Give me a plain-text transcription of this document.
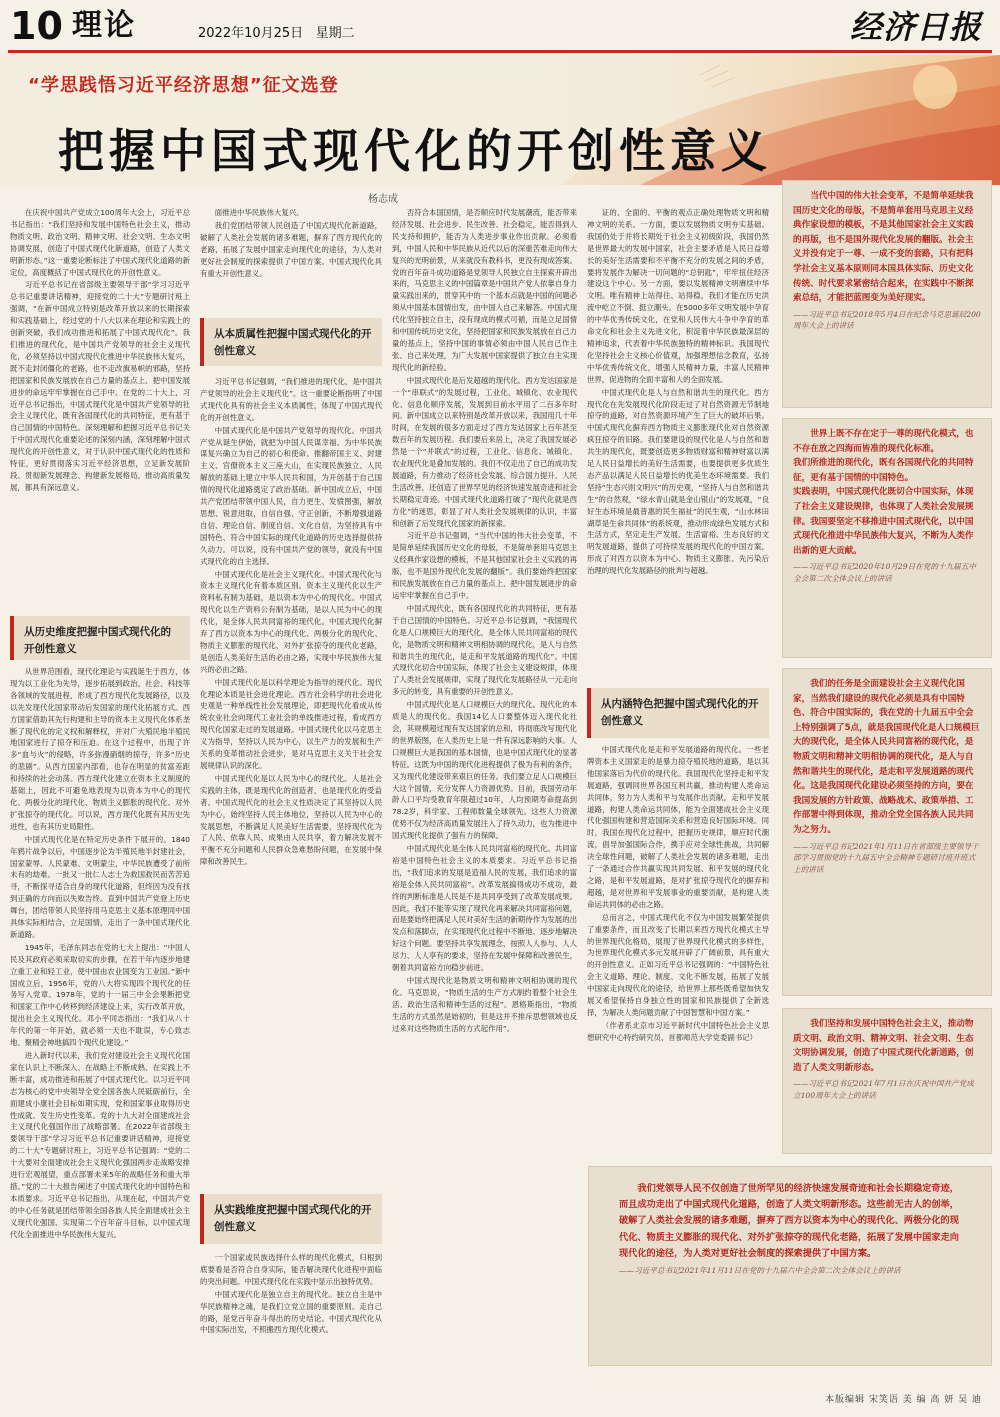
10 理论	2022年10月25日 星期二	经济日报
“学思践悟习近平经济思想”征文选登
把握中国式现代化的开创性意义
杨志成

在庆祝中国共产党成立100周年大会上，习近平总书记指出：“我们坚持和发展中国特色社会主义，推动物质文明、政治文明、精神文明、社会文明、生态文明协调发展，创造了中国式现代化新道路，创造了人类文明新形态。”这一重要论断标注了中国式现代化道路的新定位，高度概括了中国式现代化的开创性意义。

习近平总书记在省部级主要领导干部“学习习近平总书记重要讲话精神，迎接党的二十大”专题研讨班上强调，“在新中国成立特别是改革开放以来的长期探索和实践基础上，经过党的十八大以来在理论和实践上的创新突破，我们成功推进和拓展了中国式现代化”。我们推进的现代化，是中国共产党领导的社会主义现代化，必须坚持以中国式现代化推进中华民族伟大复兴，既不走封闭僵化的老路，也不走改旗易帜的邪路，坚持把国家和民族发展放在自己力量的基点上、把中国发展进步的命运牢牢掌握在自己手中。在党的二十大上，习近平总书记指出，中国式现代化是中国共产党领导的社会主义现代化，既有各国现代化的共同特征，更有基于自己国情的中国特色。深刻理解和把握习近平总书记关于中国式现代化重要论述的深刻内涵，深刻理解中国式现代化的开创性意义，对于认识中国式现代化的性质和特征，更好贯彻落实习近平经济思想，立足新发展阶段、贯彻新发展理念、构建新发展格局、推动高质量发展，都具有深远意义。

从历史维度把握中国式现代化的开创性意义

从世界范围看，现代化理论与实践诞生于西方，体现为以工业化为先导，逐步拓展到政治、社会、科技等各领域的发展进程，形成了西方现代化发展路径，以及以先发现代化国家带动后发国家的现代化拓展方式。西方国家借助其先行构建和主导的资本主义现代化体系垄断了现代化的定义权和解释权，并对广大殖民地半殖民地国家进行了掠夺和压迫。在这个过程中，出现了许多“血与火”的侵略，许多弥漫硝烟的掠夺，许多“历史的悲剧”。从西方国家内部看，也存在明显的贫富差距和持续的社会动荡。西方现代化建立在资本主义制度的基础上，因此不可避免地表现为以资本为中心的现代化、两极分化的现代化、物质主义膨胀的现代化、对外扩张掠夺的现代化。可以说，西方现代化既有其历史先进性，也有其历史局限性。

中国式现代化是在特定历史条件下展开的。1840年鸦片战争以后，中国逐步沦为半殖民地半封建社会，国家蒙辱、人民蒙难、文明蒙尘，中华民族遭受了前所未有的劫难。一批又一批仁人志士为救国救民而苦苦追寻，不断探寻适合自身的现代化道路，但终因为没有找到正确的方向而以失败告终。直到中国共产党登上历史舞台，团结带领人民坚持用马克思主义基本原理同中国具体实际相结合，立足国情，走出了一条中国式现代化新道路。

1945年，毛泽东同志在党的七大上提出：“中国人民及其政府必须采取切实的步骤，在若干年内逐步地建立重工业和轻工业，使中国由农业国变为工业国。”新中国成立后，1956年，党的八大将实现四个现代化的任务写入党章。1978年，党的十一届三中全会果断把党和国家工作中心转移到经济建设上来，实行改革开放，提出社会主义现代化。邓小平同志指出：“我们从八十年代的第一年开始，就必须一天也不耽误，专心致志地、聚精会神地搞四个现代化建设。”

进入新时代以来，我们党对建设社会主义现代化国家在认识上不断深入、在战略上不断成熟、在实践上不断丰富，成功推进和拓展了中国式现代化。以习近平同志为核心的党中央领导全党全国各族人民砥砺前行，全面建成小康社会目标如期实现，党和国家事业取得历史性成就、发生历史性变革。党的十九大对全面建成社会主义现代化强国作出了战略部署。在2022年省部级主要领导干部“学习习近平总书记重要讲话精神，迎接党的二十大”专题研讨班上，习近平总书记强调：“党的二十大要对全面建成社会主义现代化强国两步走战略安排进行宏观展望，重点部署未来5年的战略任务和重大举措。”党的二十大报告阐述了中国式现代化的中国特色和本质要求。习近平总书记指出，从现在起，中国共产党的中心任务就是团结带领全国各族人民全面建成社会主义现代化强国、实现第二个百年奋斗目标，以中国式现代化全面推进中华民族伟大复兴。

面推进中华民族伟大复兴。

我们党团结带领人民创造了中国式现代化新道路，破解了人类社会发展的诸多难题，摒弃了西方现代化的老路，拓展了发展中国家走向现代化的途径，为人类对更好社会制度的探索提供了中国方案。中国式现代化具有重大开创性意义。

从本质属性把握中国式现代化的开创性意义

习近平总书记强调，“我们推进的现代化，是中国共产党领导的社会主义现代化”。这一重要论断指明了中国式现代化具有的社会主义本质属性，体现了中国式现代化的开创性意义。

中国式现代化是中国共产党领导的现代化。中国共产党从诞生伊始，就把为中国人民谋幸福、为中华民族谋复兴确立为自己的初心和使命。推翻帝国主义、封建主义、官僚资本主义三座大山，在实现民族独立、人民解放的基础上建立中华人民共和国，为开创基于自己国情的现代化道路奠定了政治基础。新中国成立后，中国共产党团结带领中国人民，自力更生、发愤图强，解放思想、锐意进取，自信自强、守正创新，不断增强道路自信、理论自信、制度自信、文化自信，为坚持具有中国特色、符合中国实际的现代化道路的历史选择提供持久动力。可以说，没有中国共产党的领导，就没有中国式现代化的自主选择。

中国式现代化是社会主义现代化。中国式现代化与资本主义现代化有着本质区别。资本主义现代化以生产资料私有制为基础，是以资本为中心的现代化。中国式现代化以生产资料公有制为基础，是以人民为中心的现代化，是全体人民共同富裕的现代化。中国式现代化摒弃了西方以资本为中心的现代化、两极分化的现代化、物质主义膨胀的现代化、对外扩张掠夺的现代化老路，是创造人类美好生活的必由之路，实现中华民族伟大复兴的必由之路。

中国式现代化是以科学理论为指导的现代化。现代化理论本质是社会进化理论。西方社会科学的社会进化史观是一种单线性社会发展理论，即把现代化看成从传统农业社会向现代工业社会的单线推进过程，看成西方现代化国家走过的发展道路。中国式现代化以马克思主义为指导，坚持以人民为中心，以生产力的发展和生产关系的变革推动社会进步，是对马克思主义关于社会发展规律认识的深化。

中国式现代化是以人民为中心的现代化。人是社会实践的主体，既是现代化的创造者，也是现代化的受益者。中国式现代化的社会主义性质决定了其坚持以人民为中心，始终坚持人民主体地位，坚持以人民为中心的发展思想，不断满足人民美好生活需要，坚持现代化为了人民、依靠人民、成果由人民共享，着力解决发展不平衡不充分问题和人民群众急难愁盼问题，在发展中保障和改善民生。

从实践维度把握中国式现代化的开创性意义

一个国家或民族选择什么样的现代化模式，归根到底要看是否符合自身实际，能否解决现代化进程中面临的突出问题。中国式现代化在实践中显示出独特优势。

中国式现代化是独立自主的现代化。独立自主是中华民族精神之魂，是我们立党立国的重要原则。走自己的路，是党百年奋斗得出的历史结论。中国式现代化从中国实际出发，不照搬西方现代化模式。

否符合本国国情，是否顺应时代发展潮流，能否带来经济发展、社会进步、民生改善、社会稳定，能否得到人民支持和拥护，能否为人类进步事业作出贡献。必须看到，中国人民和中华民族从近代以后的深重苦难走向伟大复兴的光明前景，从来就没有教科书，更没有现成答案。党的百年奋斗成功道路是党领导人民独立自主探索开辟出来的，马克思主义的中国篇章是中国共产党人依靠自身力量实践出来的，贯穿其中的一个基本点就是中国的问题必须从中国基本国情出发，由中国人自己来解答。中国式现代化坚持独立自主，没有现成的模式可循，而是立足国情和中国传统历史文化，坚持把国家和民族发展放在自己力量的基点上，坚持中国的事情必须由中国人民自己作主张、自己来处理，为广大发展中国家提供了独立自主实现现代化的新经验。

中国式现代化是后发超越的现代化。西方发达国家是一个“串联式”的发展过程，工业化、城镇化、农业现代化、信息化顺序发展，发展到目前水平用了二百多年时间。新中国成立以来特别是改革开放以来，我国用几十年时间，在发展的很多方面走过了西方发达国家上百年甚至数百年的发展历程。我们要后来居上，决定了我国发展必然是一个“并联式”的过程，工业化、信息化、城镇化、农业现代化是叠加发展的。我们不仅走出了自己的成功发展道路，有力推动了经济社会发展、综合国力提升、人民生活改善，还创造了世界罕见的经济快速发展奇迹和社会长期稳定奇迹。中国式现代化道路打破了“现代化就是西方化”的迷思，彰显了对人类社会发展规律的认识，丰富和创新了后发现代化国家的新探索。

习近平总书记强调，“当代中国的伟大社会变革，不是简单延续我国历史文化的母版，不是简单套用马克思主义经典作家设想的模板，不是其他国家社会主义实践的再版，也不是国外现代化发展的翻版”。我们要始终把国家和民族发展放在自己力量的基点上、把中国发展进步的命运牢牢掌握在自己手中。

中国式现代化，既有各国现代化的共同特征，更有基于自己国情的中国特色。习近平总书记强调，“我国现代化是人口规模巨大的现代化，是全体人民共同富裕的现代化，是物质文明和精神文明相协调的现代化，是人与自然和谐共生的现代化，是走和平发展道路的现代化”。中国式现代化切合中国实际，体现了社会主义建设规律，体现了人类社会发展规律，实现了现代化发展路径从一元走向多元的转变，具有重要的开创性意义。

中国式现代化是人口规模巨大的现代化。现代化的本质是人的现代化。我国14亿人口要整体迈入现代化社会，其规模超过现有发达国家的总和，将彻底改写现代化的世界版图，在人类历史上是一件有深远影响的大事。人口规模巨大是我国的基本国情，也是中国式现代化的显著特征。这既为中国的现代化进程提供了极为有利的条件，又为现代化建设带来艰巨的任务。我们要立足人口规模巨大这个国情，充分发挥人力资源优势。目前，我国劳动年龄人口平均受教育年限超过10年，人均预期寿命提高到78.2岁，科学家、工程师数量全球领先。这些人力资源优势不仅为经济高质量发展注入了持久动力，也为推进中国式现代化提供了强有力的保障。

中国式现代化是全体人民共同富裕的现代化。共同富裕是中国特色社会主义的本质要求。习近平总书记指出，“我们追求的发展是造福人民的发展，我们追求的富裕是全体人民共同富裕”。改革发展搞得成功不成功，最终的判断标准是人民是不是共同享受到了改革发展成果。因此，我们不能等实现了现代化再来解决共同富裕问题，而是要始终把满足人民对美好生活的新期待作为发展的出发点和落脚点，在实现现代化过程中不断地、逐步地解决好这个问题。要坚持共享发展理念，按照人人参与、人人尽力、人人享有的要求，坚持在发展中保障和改善民生，朝着共同富裕方向稳步前进。

中国式现代化是物质文明和精神文明相协调的现代化。马克思说，“物质生活的生产方式制约着整个社会生活、政治生活和精神生活的过程”。恩格斯指出，“物质生活的方式虽然是始初的，但是这并不排斥思想领域也反过来对这些物质生活的方式起作用”。

证的、全面的、平衡的观点正确处理物质文明和精神文明的关系。一方面，要以发展物质文明夯实基础。我国仍处于并将长期处于社会主义初级阶段，我国仍然是世界最大的发展中国家，社会主要矛盾是人民日益增长的美好生活需要和不平衡不充分的发展之间的矛盾，要将发展作为解决一切问题的“总钥匙”，牢牢扭住经济建设这个中心。另一方面，要以发展精神文明赓续中华文明。唯有精神上站得住、站得稳，我们才能在历史洪流中屹立不倒、挺立潮头。在5000多年文明发展中孕育的中华优秀传统文化，在党和人民伟大斗争中孕育的革命文化和社会主义先进文化，积淀着中华民族最深层的精神追求，代表着中华民族独特的精神标识。我国现代化坚持社会主义核心价值观，加强理想信念教育，弘扬中华优秀传统文化，增强人民精神力量，丰富人民精神世界，促进物的全面丰富和人的全面发展。

中国式现代化是人与自然和谐共生的现代化。西方现代化在先发展现代化阶段走过了对自然资源无节制地掠夺的道路，对自然资源环境产生了巨大的破坏后果。中国式现代化摒弃西方物质主义膨胀现代化对自然资源疯狂掠夺的旧路。我们要建设的现代化是人与自然和谐共生的现代化，既要创造更多物质财富和精神财富以满足人民日益增长的美好生活需要，也要提供更多优质生态产品以满足人民日益增长的优美生态环境需要。我们坚持“生态兴则文明兴”的历史观，“坚持人与自然和谐共生”的自然观，“绿水青山就是金山银山”的发展观，“良好生态环境是最普惠的民生福祉”的民生观，“山水林田湖草是生命共同体”的系统观，推动形成绿色发展方式和生活方式，坚定走生产发展、生活富裕、生态良好的文明发展道路，提供了可持续发展的现代化的中国方案，形成了对西方以资本为中心、物质主义膨胀、先污染后治理的现代化发展路径的批判与超越。

从内涵特色把握中国式现代化的开创性意义

中国式现代化是走和平发展道路的现代化。一些老牌资本主义国家走的是暴力掠夺殖民地的道路，是以其他国家落后为代价的现代化。我国现代化坚持走和平发展道路，强调同世界各国互利共赢，推动构建人类命运共同体，努力为人类和平与发展作出贡献。走和平发展道路，构建人类命运共同体，能为全面建成社会主义现代化强国构建和营造国际关系和营造良好国际环境。同时，我国在现代化过程中，把握历史规律，顺应时代潮流，倡导加强国际合作，携手应对全球性挑战，共同解决全球性问题，破解了人类社会发展的诸多难题，走出了一条通过合作共赢实现共同发展、和平发展的现代化之路，是和平发展道路，是对扩张掠夺现代化的摒弃和超越，是对世界和平发展事业的重要贡献，是构建人类命运共同体的必由之路。

总而言之，中国式现代化不仅为中国发展繁荣提供了重要条件，而且改变了长期以来西方现代化模式主导的世界现代化格局，展现了世界现代化模式的多样性，为世界现代化模式多元发展开辟了广阔前景，具有重大的开创性意义。正如习近平总书记强调的：“中国特色社会主义道路、理论、制度、文化不断发展，拓展了发展中国家走向现代化的途径，给世界上那些既希望加快发展又希望保持自身独立性的国家和民族提供了全新选择，为解决人类问题贡献了中国智慧和中国方案。”

（作者系北京市习近平新时代中国特色社会主义思想研究中心特约研究员、首都师范大学党委副书记）

当代中国的伟大社会变革，不是简单延续我国历史文化的母版，不是简单套用马克思主义经典作家设想的模板，不是其他国家社会主义实践的再版，也不是国外现代化发展的翻版。社会主义并没有定于一尊、一成不变的套路，只有把科学社会主义基本原则同本国具体实际、历史文化传统、时代要求紧密结合起来，在实践中不断探索总结，才能把蓝图变为美好现实。

——习近平总书记2018年5月4日在纪念马克思诞辰200周年大会上的讲话

世界上既不存在定于一尊的现代化模式，也不存在放之四海而皆准的现代化标准。
我们所推进的现代化，既有各国现代化的共同特征，更有基于国情的中国特色。
实践表明，中国式现代化既切合中国实际，体现了社会主义建设规律，也体现了人类社会发展规律。我国要坚定不移推进中国式现代化，以中国式现代化推进中华民族伟大复兴，不断为人类作出新的更大贡献。

——习近平总书记2020年10月29日在党的十九届五中全会第二次全体会议上的讲话

我们的任务是全面建设社会主义现代化国家，当然我们建设的现代化必须是具有中国特色、符合中国实际的，我在党的十九届五中全会上特别强调了5点，就是我国现代化是人口规模巨大的现代化，是全体人民共同富裕的现代化，是物质文明和精神文明相协调的现代化，是人与自然和谐共生的现代化，是走和平发展道路的现代化。这是我国现代化建设必须坚持的方向，要在我国发展的方针政策、战略战术、政策举措、工作部署中得到体现，推动全党全国各族人民共同为之努力。

——习近平总书记2021年1月11日在省部级主要领导干部学习贯彻党的十九届五中全会精神专题研讨班开班式上的讲话

我们坚持和发展中国特色社会主义，推动物质文明、政治文明、精神文明、社会文明、生态文明协调发展，创造了中国式现代化新道路，创造了人类文明新形态。

——习近平总书记2021年7月1日在庆祝中国共产党成立100周年大会上的讲话

我们党领导人民不仅创造了世所罕见的经济快速发展奇迹和社会长期稳定奇迹，而且成功走出了中国式现代化道路，创造了人类文明新形态。这些前无古人的创举，破解了人类社会发展的诸多难题，摒弃了西方以资本为中心的现代化、两极分化的现代化、物质主义膨胀的现代化、对外扩张掠夺的现代化老路，拓展了发展中国家走向现代化的途径，为人类对更好社会制度的探索提供了中国方案。

——习近平总书记2021年11月11日在党的十九届六中全会第二次全体会议上的讲话

本版编辑 宋笑语 美 编 高 妍 吴 迪
